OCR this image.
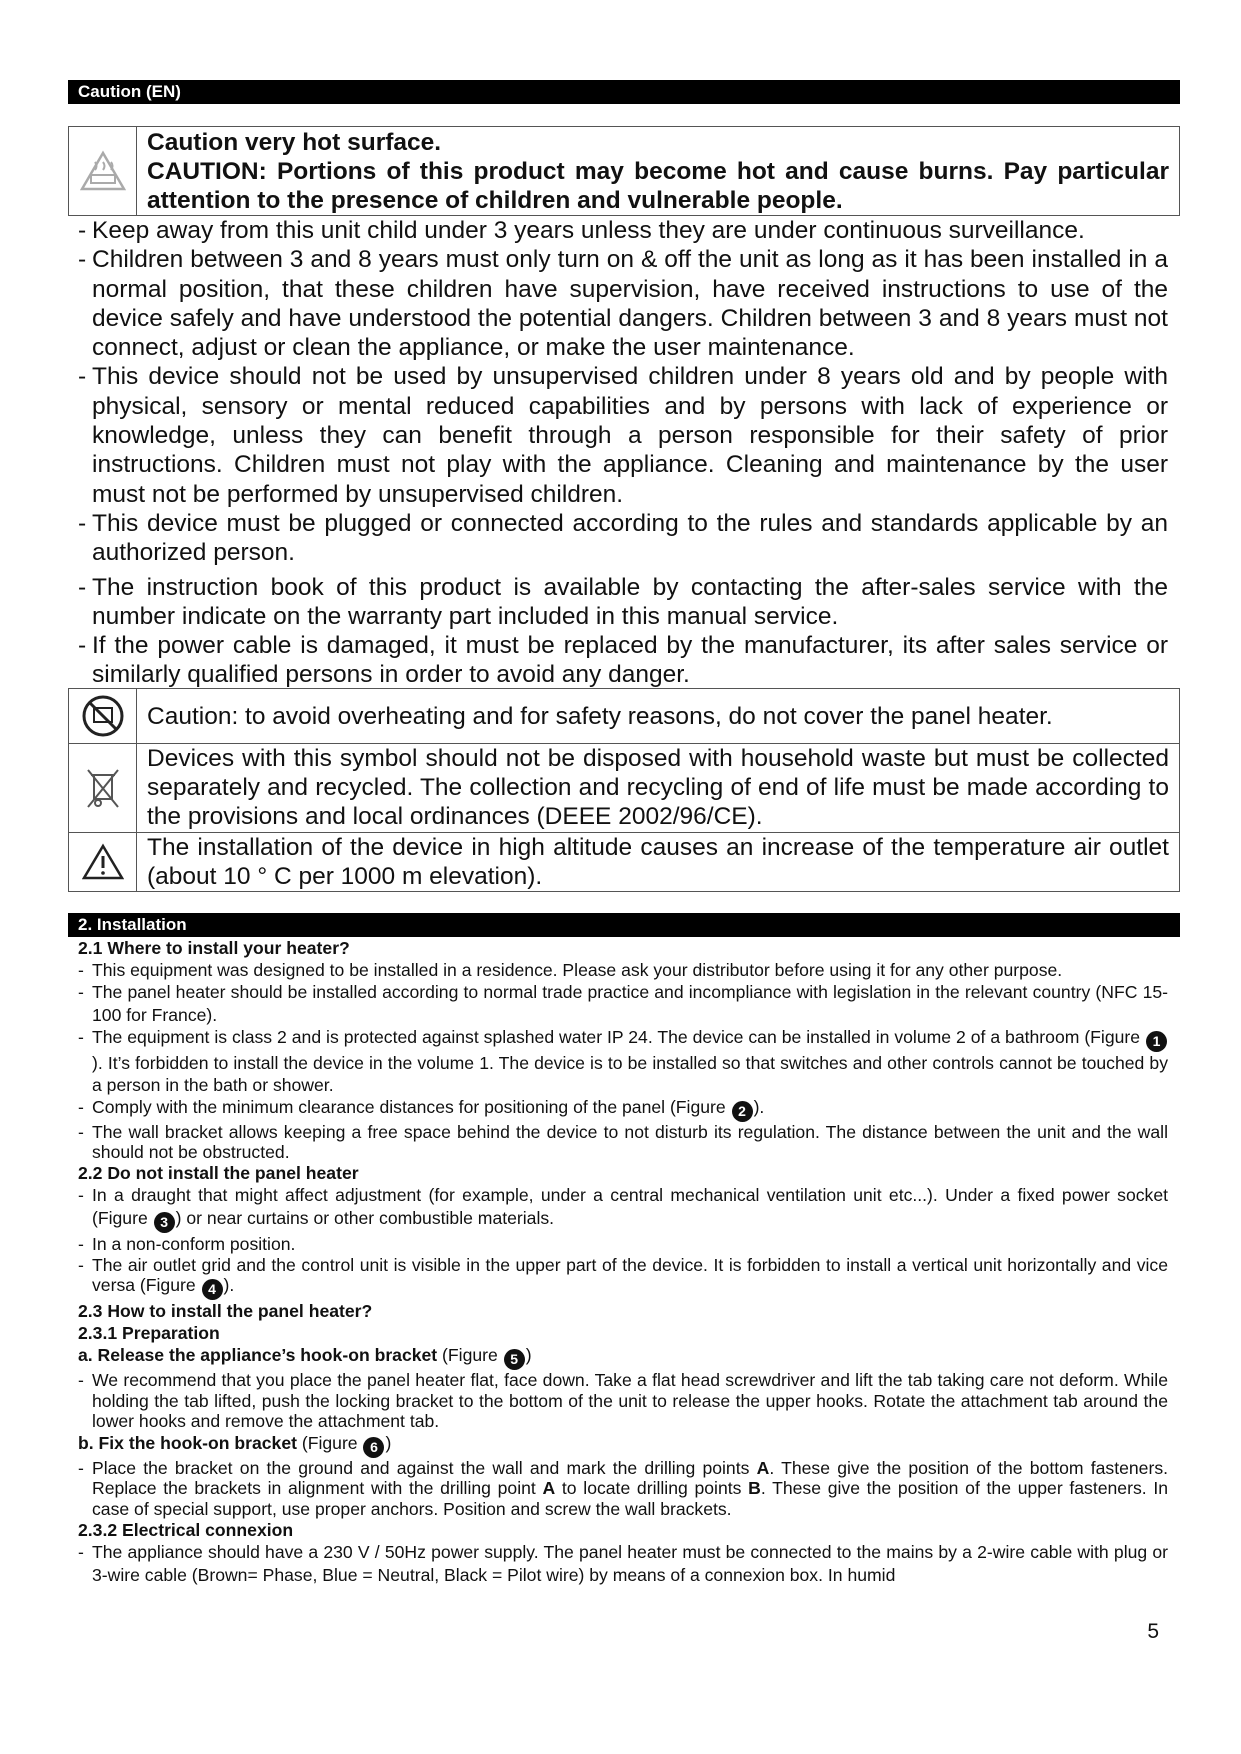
Caution (EN)
Caution very hot surface.
CAUTION: Portions of this product may become hot and cause burns. Pay particular attention to the presence of children and vulnerable people.
- Keep away from this unit child under 3 years unless they are under continuous surveillance.
- Children between 3 and 8 years must only turn on & off the unit as long as it has been installed in a normal position, that these children have supervision, have received instructions to use of the device safely and have understood the potential dangers. Children between 3 and 8 years must not connect, adjust or clean the appliance, or make the user maintenance.
- This device should not be used by unsupervised children under 8 years old and by people with physical, sensory or mental reduced capabilities and by persons with lack of experience or knowledge, unless they can benefit through a person responsible for their safety of prior instructions. Children must not play with the appliance. Cleaning and maintenance by the user must not be performed by unsupervised children.
- This device must be plugged or connected according to the rules and standards applicable by an authorized person.
- The instruction book of this product is available by contacting the after-sales service with the number indicate on the warranty part included in this manual service.
- If the power cable is damaged, it must be replaced by the manufacturer, its after sales service or similarly qualified persons in order to avoid any danger.
Caution: to avoid overheating and for safety reasons, do not cover the panel heater.
Devices with this symbol should not be disposed with household waste but must be collected separately and recycled. The collection and recycling of end of life must be made according to the provisions and local ordinances (DEEE 2002/96/CE).
The installation of the device in high altitude causes an increase of the temperature air outlet (about 10 ° C per 1000 m elevation).
2. Installation
2.1 Where to install your heater?
- This equipment was designed to be installed in a residence. Please ask your distributor before using it for any other purpose.
- The panel heater should be installed according to normal trade practice and incompliance with legislation in the relevant country (NFC 15-100 for France).
- The equipment is class 2 and is protected against splashed water IP 24. The device can be installed in volume 2 of a bathroom (Figure 1). It’s forbidden to install the device in the volume 1. The device is to be installed so that switches and other controls cannot be touched by a person in the bath or shower.
- Comply with the minimum clearance distances for positioning of the panel (Figure 2 ).
- The wall bracket allows keeping a free space behind the device to not disturb its regulation. The distance between the unit and the wall should not be obstructed.
2.2 Do not install the panel heater
- In a draught that might affect adjustment (for example, under a central mechanical ventilation unit etc...). Under a fixed power socket (Figure 3 ) or near curtains or other combustible materials.
- In a non-conform position.
- The air outlet grid and the control unit is visible in the upper part of the device. It is forbidden to install a vertical unit horizontally and vice versa (Figure 4 ).
2.3 How to install the panel heater?
2.3.1 Preparation
a. Release the appliance’s hook-on bracket (Figure 5 )
- We recommend that you place the panel heater flat, face down. Take a flat head screwdriver and lift the tab taking care not deform. While holding the tab lifted, push the locking bracket to the bottom of the unit to release the upper hooks. Rotate the attachment tab around the lower hooks and remove the attachment tab.
b. Fix the hook-on bracket (Figure 6 )
- Place the bracket on the ground and against the wall and mark the drilling points A. These give the position of the bottom fasteners. Replace the brackets in alignment with the drilling point A to locate drilling points B. These give the position of the upper fasteners. In case of special support, use proper anchors. Position and screw the wall brackets.
2.3.2 Electrical connexion
- The appliance should have a 230 V / 50Hz power supply. The panel heater must be connected to the mains by a 2-wire cable with plug or 3-wire cable (Brown= Phase, Blue = Neutral, Black = Pilot wire) by means of a connexion box. In humid
5
